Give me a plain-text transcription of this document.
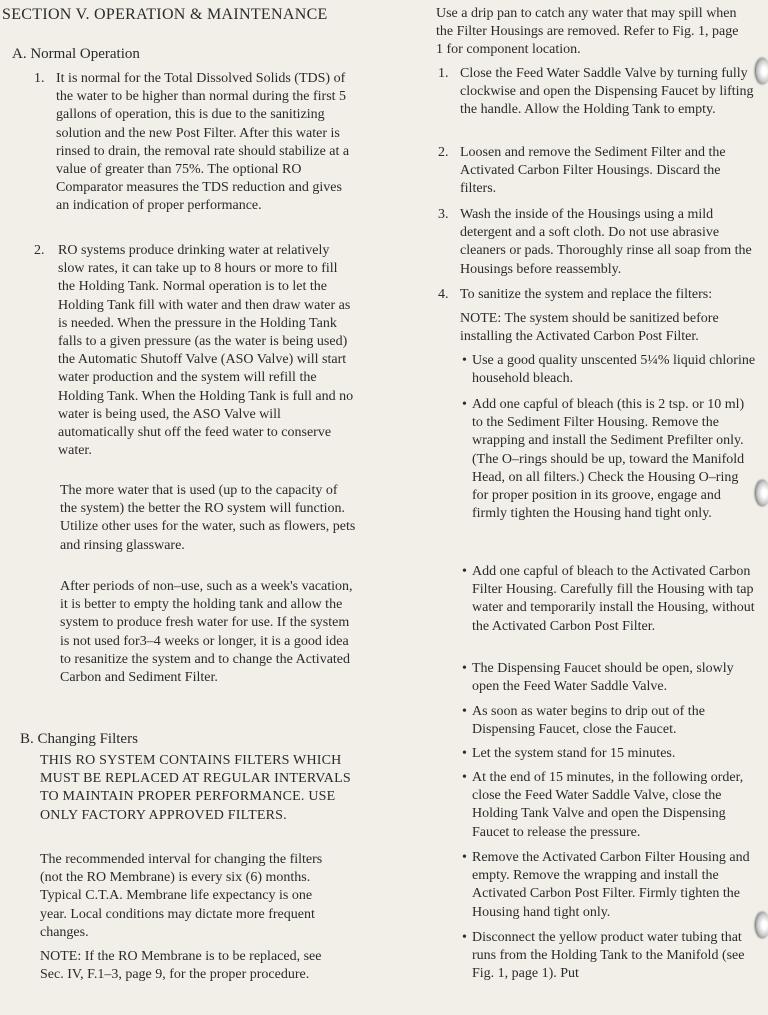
SECTION V. OPERATION & MAINTENANCE
A. Normal Operation
1. It is normal for the Total Dissolved Solids (TDS) of the water to be higher than normal during the first 5 gallons of operation, this is due to the sanitizing solution and the new Post Filter. After this water is rinsed to drain, the removal rate should stabilize at a value of greater than 75%. The optional RO Comparator measures the TDS reduction and gives an indication of proper performance.
2. RO systems produce drinking water at relatively slow rates, it can take up to 8 hours or more to fill the Holding Tank. Normal operation is to let the Holding Tank fill with water and then draw water as is needed. When the pressure in the Holding Tank falls to a given pressure (as the water is being used) the Automatic Shutoff Valve (ASO Valve) will start water production and the system will refill the Holding Tank. When the Holding Tank is full and no water is being used, the ASO Valve will automatically shut off the feed water to conserve water.
The more water that is used (up to the capacity of the system) the better the RO system will function. Utilize other uses for the water, such as flowers, pets and rinsing glassware.
After periods of non–use, such as a week's vacation, it is better to empty the holding tank and allow the system to produce fresh water for use. If the system is not used for3–4 weeks or longer, it is a good idea to resanitize the system and to change the Activated Carbon and Sediment Filter.
B. Changing Filters
THIS RO SYSTEM CONTAINS FILTERS WHICH MUST BE REPLACED AT REGULAR INTERVALS TO MAINTAIN PROPER PERFORMANCE. USE ONLY FACTORY APPROVED FILTERS.
The recommended interval for changing the filters (not the RO Membrane) is every six (6) months. Typical C.T.A. Membrane life expectancy is one year. Local conditions may dictate more frequent changes.
NOTE: If the RO Membrane is to be replaced, see Sec. IV, F.1–3, page 9, for the proper procedure.
Use a drip pan to catch any water that may spill when the Filter Housings are removed. Refer to Fig. 1, page 1 for component location.
1. Close the Feed Water Saddle Valve by turning fully clockwise and open the Dispensing Faucet by lifting the handle. Allow the Holding Tank to empty.
2. Loosen and remove the Sediment Filter and the Activated Carbon Filter Housings. Discard the filters.
3. Wash the inside of the Housings using a mild detergent and a soft cloth. Do not use abrasive cleaners or pads. Thoroughly rinse all soap from the Housings before reassembly.
4. To sanitize the system and replace the filters:
NOTE: The system should be sanitized before installing the Activated Carbon Post Filter.
• Use a good quality unscented 5¼% liquid chlorine household bleach.
• Add one capful of bleach (this is 2 tsp. or 10 ml) to the Sediment Filter Housing. Remove the wrapping and install the Sediment Prefilter only. (The O–rings should be up, toward the Manifold Head, on all filters.) Check the Housing O–ring for proper position in its groove, engage and firmly tighten the Housing hand tight only.
• Add one capful of bleach to the Activated Carbon Filter Housing. Carefully fill the Housing with tap water and temporarily install the Housing, without the Activated Carbon Post Filter.
• The Dispensing Faucet should be open, slowly open the Feed Water Saddle Valve.
• As soon as water begins to drip out of the Dispensing Faucet, close the Faucet.
• Let the system stand for 15 minutes.
• At the end of 15 minutes, in the following order, close the Feed Water Saddle Valve, close the Holding Tank Valve and open the Dispensing Faucet to release the pressure.
• Remove the Activated Carbon Filter Housing and empty. Remove the wrapping and install the Activated Carbon Post Filter. Firmly tighten the Housing hand tight only.
• Disconnect the yellow product water tubing that runs from the Holding Tank to the Manifold (see Fig. 1, page 1). Put
